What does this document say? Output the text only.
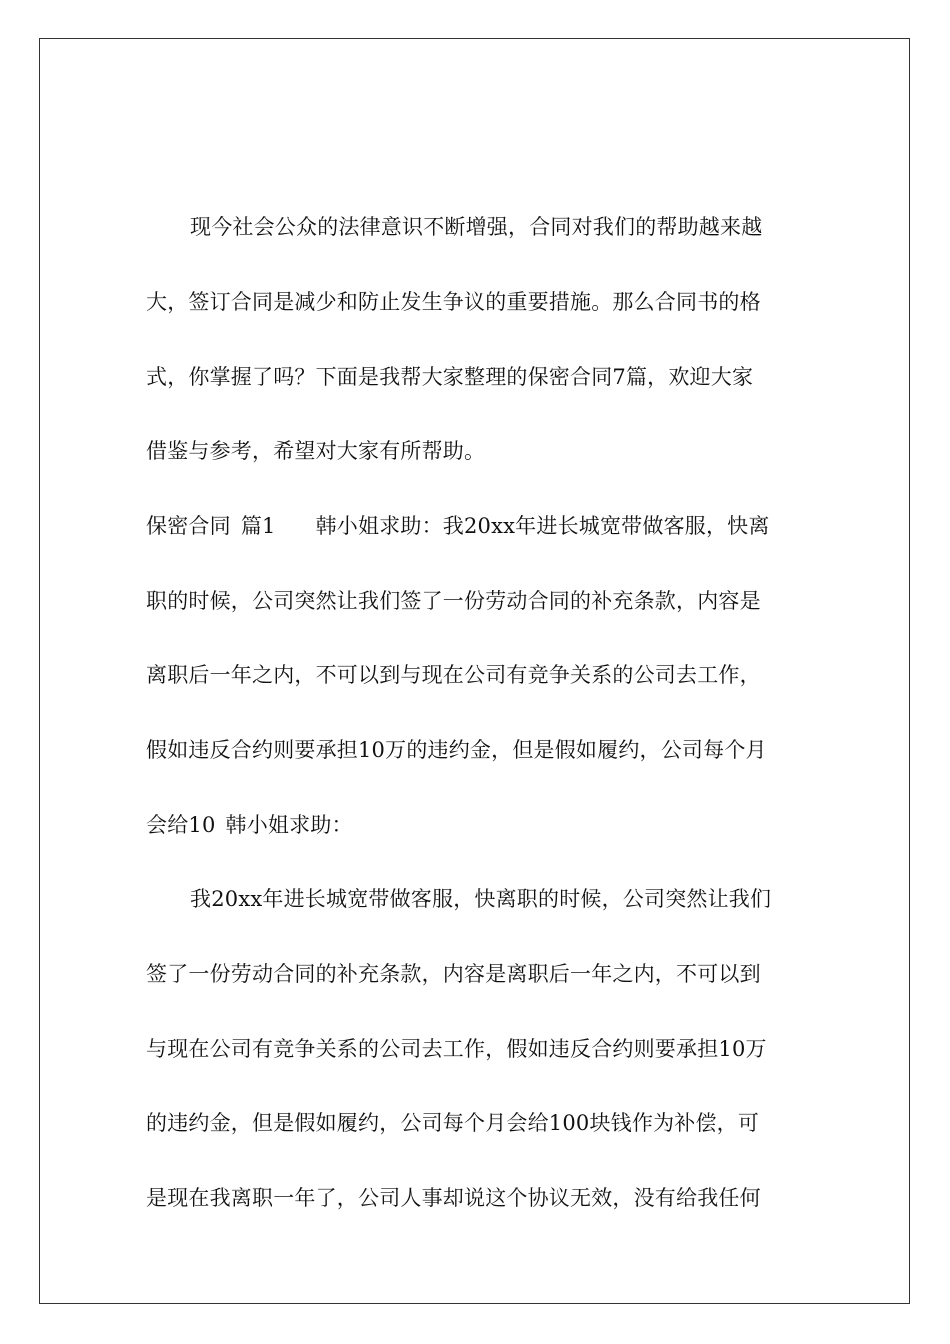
现今社会公众的法律意识不断增强，合同对我们的帮助越来越
大，签订合同是减少和防止发生争议的重要措施。那么合同书的格
式，你掌握了吗？下面是我帮大家整理的保密合同7篇，欢迎大家
借鉴与参考，希望对大家有所帮助。
保密合同 篇1 韩小姐求助：我20xx年进长城宽带做客服，快离
职的时候，公司突然让我们签了一份劳动合同的补充条款，内容是
离职后一年之内，不可以到与现在公司有竞争关系的公司去工作，
假如违反合约则要承担10万的违约金，但是假如履约，公司每个月
会给10 韩小姐求助：
我20xx年进长城宽带做客服，快离职的时候，公司突然让我们
签了一份劳动合同的补充条款，内容是离职后一年之内，不可以到
与现在公司有竞争关系的公司去工作，假如违反合约则要承担10万
的违约金，但是假如履约，公司每个月会给100块钱作为补偿，可
是现在我离职一年了，公司人事却说这个协议无效，没有给我任何
